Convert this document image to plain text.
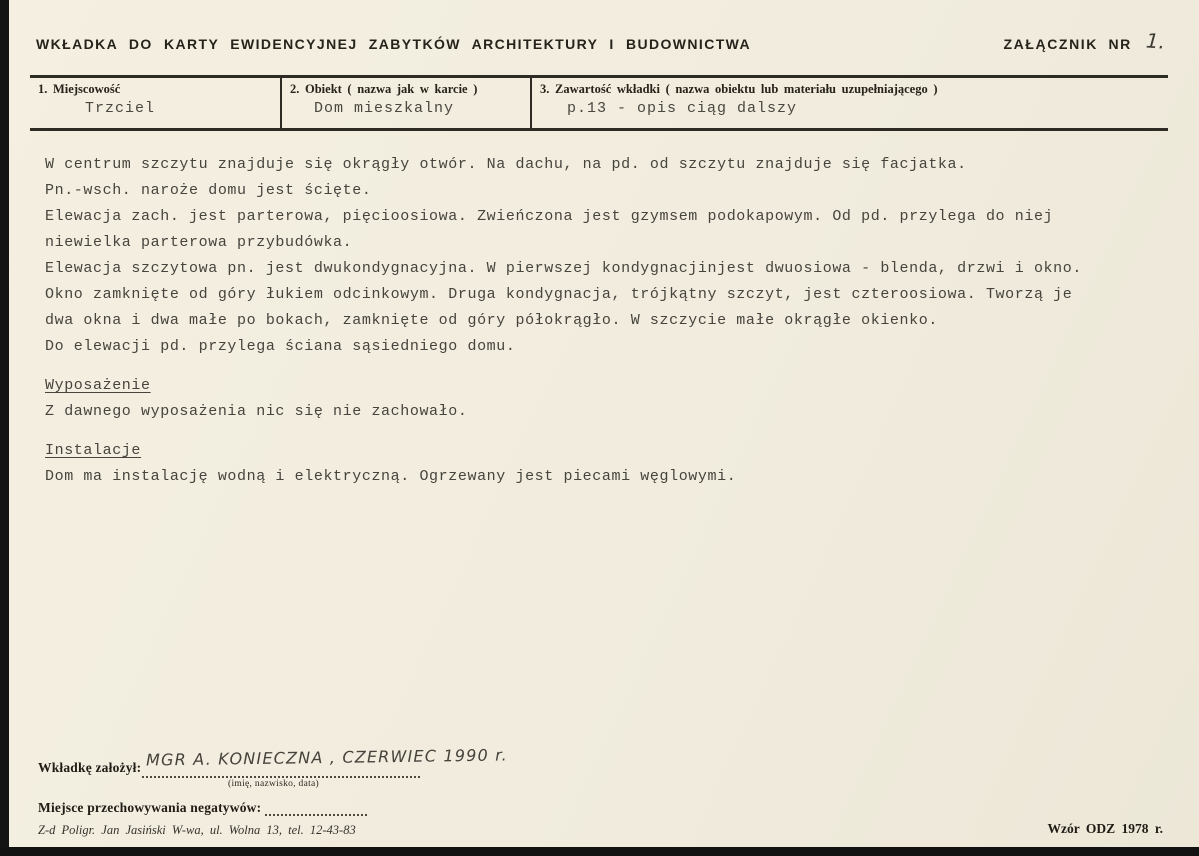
WKŁADKA DO KARTY EWIDENCYJNEJ ZABYTKÓW ARCHITEKTURY I BUDOWNICTWA	ZAŁĄCZNIK NR 1.
1. Miejscowość
Trzciel
2. Obiekt ( nazwa jak w karcie )
Dom mieszkalny
3. Zawartość wkładki ( nazwa obiektu lub materiału uzupełniającego )
p.13 - opis ciąg dalszy
W centrum szczytu znajduje się okrągły otwór. Na dachu, na pd. od szczytu znajduje się facjatka.
Pn.-wsch. naroże domu jest ścięte.
Elewacja zach. jest parterowa, pięcioosiowa. Zwieńczona jest gzymsem podokapowym. Od pd. przylega do niej
niewielka parterowa przybudówka.
Elewacja szczytowa pn. jest dwukondygnacyjna. W pierwszej kondygnacjinjest dwuosiowa - blenda, drzwi i okno.
Okno zamknięte od góry łukiem odcinkowym. Druga kondygnacja, trójkątny szczyt, jest czteroosiowa. Tworzą je
dwa okna i dwa małe po bokach, zamknięte od góry półokrągło. W szczycie małe okrągłe okienko.
Do elewacji pd. przylega ściana sąsiedniego domu.
Wyposażenie
Z dawnego wyposażenia nic się nie zachowało.
Instalacje
Dom ma instalację wodną i elektryczną. Ogrzewany jest piecami węglowymi.
Wkładkę założył: MGR A. KONIECZNA , CZERWIEC 1990 r.
(imię, nazwisko, data)
Miejsce przechowywania negatywów:
Z-d Poligr. Jan Jasiński W-wa, ul. Wolna 13, tel. 12-43-83	Wzór ODZ 1978 r.
